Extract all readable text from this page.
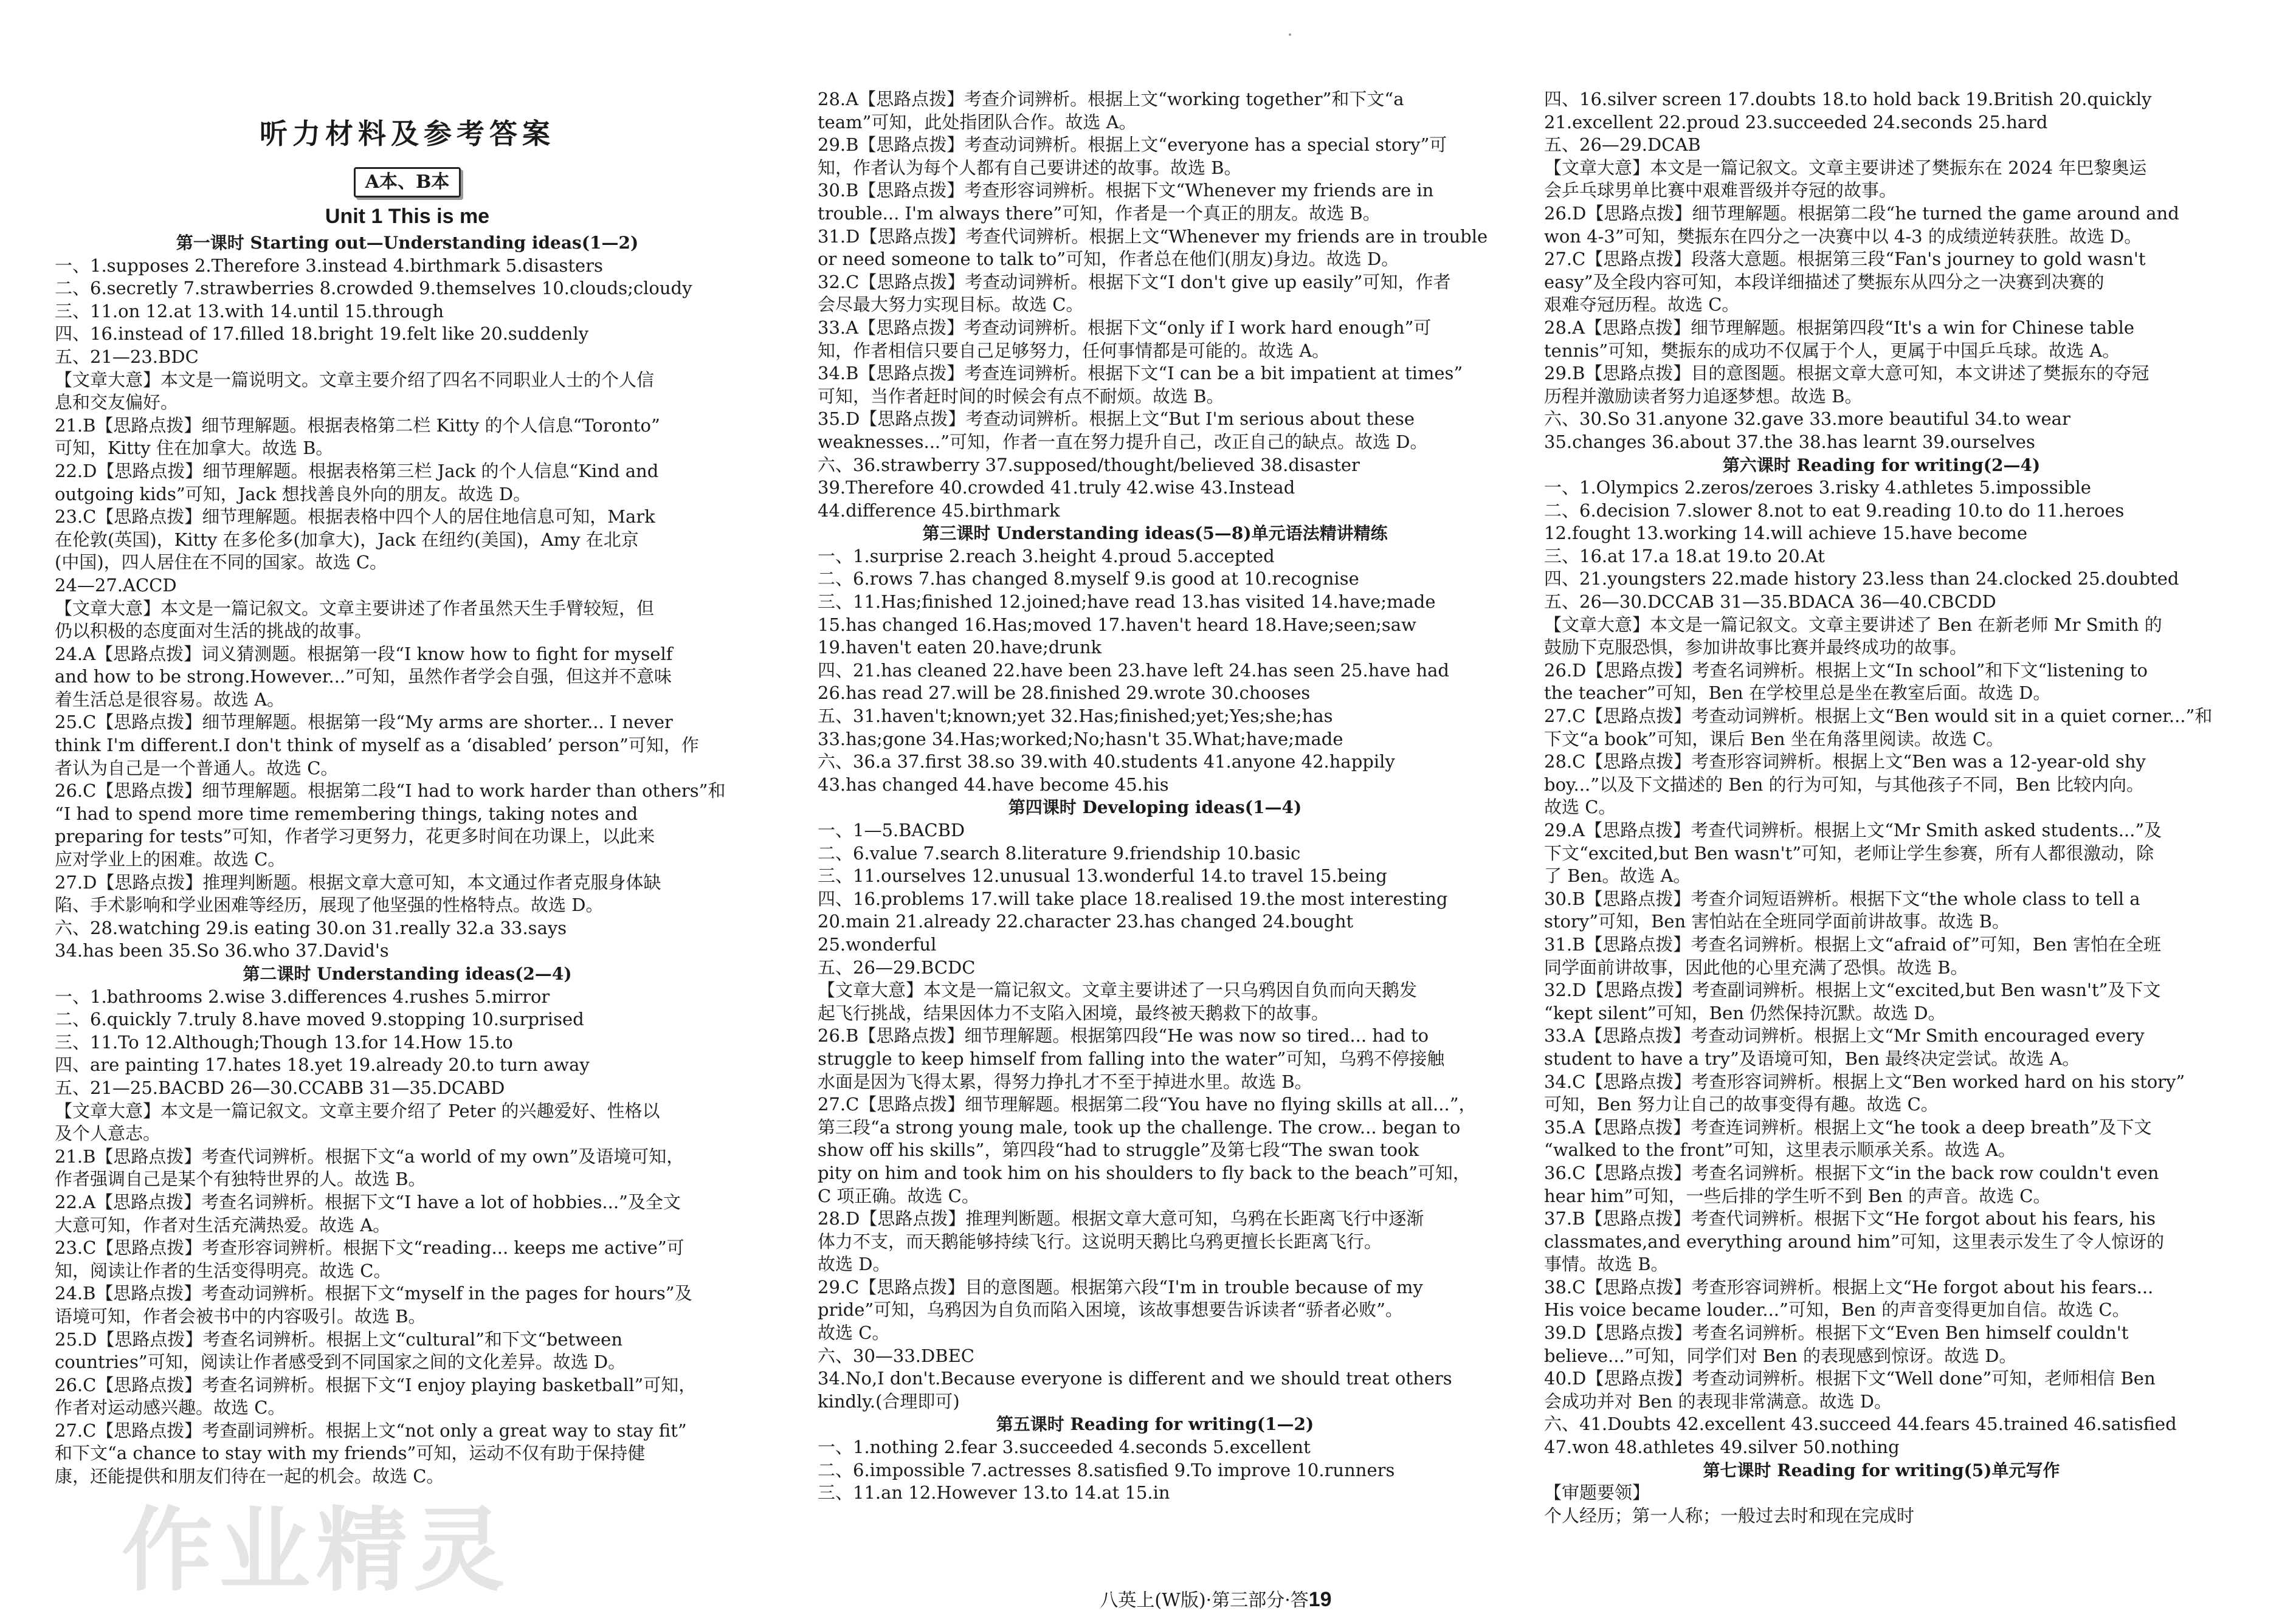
听力材料及参考答案
A本、B本
Unit 1 This is me
第一课时 Starting out—Understanding ideas(1—2)
一、1.supposes 2.Therefore 3.instead 4.birthmark 5.disasters
二、6.secretly 7.strawberries 8.crowded 9.themselves 10.clouds;cloudy
三、11.on 12.at 13.with 14.until 15.through
四、16.instead of 17.filled 18.bright 19.felt like 20.suddenly
五、21—23.BDC
【文章大意】本文是一篇说明文。文章主要介绍了四名不同职业人士的个人信
息和交友偏好。
21.B【思路点拨】细节理解题。根据表格第二栏 Kitty 的个人信息“Toronto”
可知，Kitty 住在加拿大。故选 B。
22.D【思路点拨】细节理解题。根据表格第三栏 Jack 的个人信息“Kind and
outgoing kids”可知，Jack 想找善良外向的朋友。故选 D。
23.C【思路点拨】细节理解题。根据表格中四个人的居住地信息可知，Mark
在伦敦(英国)，Kitty 在多伦多(加拿大)，Jack 在纽约(美国)，Amy 在北京
(中国)，四人居住在不同的国家。故选 C。
24—27.ACCD
【文章大意】本文是一篇记叙文。文章主要讲述了作者虽然天生手臂较短，但
仍以积极的态度面对生活的挑战的故事。
24.A【思路点拨】词义猜测题。根据第一段“I know how to fight for myself
and how to be strong.However...”可知，虽然作者学会自强，但这并不意味
着生活总是很容易。故选 A。
25.C【思路点拨】细节理解题。根据第一段“My arms are shorter... I never
think I'm different.I don't think of myself as a ‘disabled’ person”可知，作
者认为自己是一个普通人。故选 C。
26.C【思路点拨】细节理解题。根据第二段“I had to work harder than others”和
“I had to spend more time remembering things, taking notes and
preparing for tests”可知，作者学习更努力，花更多时间在功课上，以此来
应对学业上的困难。故选 C。
27.D【思路点拨】推理判断题。根据文章大意可知，本文通过作者克服身体缺
陷、手术影响和学业困难等经历，展现了他坚强的性格特点。故选 D。
六、28.watching 29.is eating 30.on 31.really 32.a 33.says
34.has been 35.So 36.who 37.David's
第二课时 Understanding ideas(2—4)
一、1.bathrooms 2.wise 3.differences 4.rushes 5.mirror
二、6.quickly 7.truly 8.have moved 9.stopping 10.surprised
三、11.To 12.Although;Though 13.for 14.How 15.to
四、are painting 17.hates 18.yet 19.already 20.to turn away
五、21—25.BACBD 26—30.CCABB 31—35.DCABD
【文章大意】本文是一篇记叙文。文章主要介绍了 Peter 的兴趣爱好、性格以
及个人意志。
21.B【思路点拨】考查代词辨析。根据下文“a world of my own”及语境可知，
作者强调自己是某个有独特世界的人。故选 B。
22.A【思路点拨】考查名词辨析。根据下文“I have a lot of hobbies...”及全文
大意可知，作者对生活充满热爱。故选 A。
23.C【思路点拨】考查形容词辨析。根据下文“reading... keeps me active”可
知，阅读让作者的生活变得明亮。故选 C。
24.B【思路点拨】考查动词辨析。根据下文“myself in the pages for hours”及
语境可知，作者会被书中的内容吸引。故选 B。
25.D【思路点拨】考查名词辨析。根据上文“cultural”和下文“between
countries”可知，阅读让作者感受到不同国家之间的文化差异。故选 D。
26.C【思路点拨】考查名词辨析。根据下文“I enjoy playing basketball”可知，
作者对运动感兴趣。故选 C。
27.C【思路点拨】考查副词辨析。根据上文“not only a great way to stay fit”
和下文“a chance to stay with my friends”可知，运动不仅有助于保持健
康，还能提供和朋友们待在一起的机会。故选 C。
28.A【思路点拨】考查介词辨析。根据上文“working together”和下文“a
team”可知，此处指团队合作。故选 A。
29.B【思路点拨】考查动词辨析。根据上文“everyone has a special story”可
知，作者认为每个人都有自己要讲述的故事。故选 B。
30.B【思路点拨】考查形容词辨析。根据下文“Whenever my friends are in
trouble... I'm always there”可知，作者是一个真正的朋友。故选 B。
31.D【思路点拨】考查代词辨析。根据上文“Whenever my friends are in trouble
or need someone to talk to”可知，作者总在他们(朋友)身边。故选 D。
32.C【思路点拨】考查动词辨析。根据下文“I don't give up easily”可知，作者
会尽最大努力实现目标。故选 C。
33.A【思路点拨】考查动词辨析。根据下文“only if I work hard enough”可
知，作者相信只要自己足够努力，任何事情都是可能的。故选 A。
34.B【思路点拨】考查连词辨析。根据下文“I can be a bit impatient at times”
可知，当作者赶时间的时候会有点不耐烦。故选 B。
35.D【思路点拨】考查动词辨析。根据上文“But I'm serious about these
weaknesses...”可知，作者一直在努力提升自己，改正自己的缺点。故选 D。
六、36.strawberry 37.supposed/thought/believed 38.disaster
39.Therefore 40.crowded 41.truly 42.wise 43.Instead
44.difference 45.birthmark
第三课时 Understanding ideas(5—8)单元语法精讲精练
一、1.surprise 2.reach 3.height 4.proud 5.accepted
二、6.rows 7.has changed 8.myself 9.is good at 10.recognise
三、11.Has;finished 12.joined;have read 13.has visited 14.have;made
15.has changed 16.Has;moved 17.haven't heard 18.Have;seen;saw
19.haven't eaten 20.have;drunk
四、21.has cleaned 22.have been 23.have left 24.has seen 25.have had
26.has read 27.will be 28.finished 29.wrote 30.chooses
五、31.haven't;known;yet 32.Has;finished;yet;Yes;she;has
33.has;gone 34.Has;worked;No;hasn't 35.What;have;made
六、36.a 37.first 38.so 39.with 40.students 41.anyone 42.happily
43.has changed 44.have become 45.his
第四课时 Developing ideas(1—4)
一、1—5.BACBD
二、6.value 7.search 8.literature 9.friendship 10.basic
三、11.ourselves 12.unusual 13.wonderful 14.to travel 15.being
四、16.problems 17.will take place 18.realised 19.the most interesting
20.main 21.already 22.character 23.has changed 24.bought
25.wonderful
五、26—29.BCDC
【文章大意】本文是一篇记叙文。文章主要讲述了一只乌鸦因自负而向天鹅发
起飞行挑战，结果因体力不支陷入困境，最终被天鹅救下的故事。
26.B【思路点拨】细节理解题。根据第四段“He was now so tired... had to
struggle to keep himself from falling into the water”可知，乌鸦不停接触
水面是因为飞得太累，得努力挣扎才不至于掉进水里。故选 B。
27.C【思路点拨】细节理解题。根据第二段“You have no flying skills at all...”，
第三段“a strong young male, took up the challenge. The crow... began to
show off his skills”，第四段“had to struggle”及第七段“The swan took
pity on him and took him on his shoulders to fly back to the beach”可知，
C 项正确。故选 C。
28.D【思路点拨】推理判断题。根据文章大意可知，乌鸦在长距离飞行中逐渐
体力不支，而天鹅能够持续飞行。这说明天鹅比乌鸦更擅长长距离飞行。
故选 D。
29.C【思路点拨】目的意图题。根据第六段“I'm in trouble because of my
pride”可知，乌鸦因为自负而陷入困境，该故事想要告诉读者“骄者必败”。
故选 C。
六、30—33.DBEC
34.No,I don't.Because everyone is different and we should treat others
kindly.(合理即可)
第五课时 Reading for writing(1—2)
一、1.nothing 2.fear 3.succeeded 4.seconds 5.excellent
二、6.impossible 7.actresses 8.satisfied 9.To improve 10.runners
三、11.an 12.However 13.to 14.at 15.in
四、16.silver screen 17.doubts 18.to hold back 19.British 20.quickly
21.excellent 22.proud 23.succeeded 24.seconds 25.hard
五、26—29.DCAB
【文章大意】本文是一篇记叙文。文章主要讲述了樊振东在 2024 年巴黎奥运
会乒乓球男单比赛中艰难晋级并夺冠的故事。
26.D【思路点拨】细节理解题。根据第二段“he turned the game around and
won 4-3”可知，樊振东在四分之一决赛中以 4-3 的成绩逆转获胜。故选 D。
27.C【思路点拨】段落大意题。根据第三段“Fan's journey to gold wasn't
easy”及全段内容可知，本段详细描述了樊振东从四分之一决赛到决赛的
艰难夺冠历程。故选 C。
28.A【思路点拨】细节理解题。根据第四段“It's a win for Chinese table
tennis”可知，樊振东的成功不仅属于个人，更属于中国乒乓球。故选 A。
29.B【思路点拨】目的意图题。根据文章大意可知，本文讲述了樊振东的夺冠
历程并激励读者努力追逐梦想。故选 B。
六、30.So 31.anyone 32.gave 33.more beautiful 34.to wear
35.changes 36.about 37.the 38.has learnt 39.ourselves
第六课时 Reading for writing(2—4)
一、1.Olympics 2.zeros/zeroes 3.risky 4.athletes 5.impossible
二、6.decision 7.slower 8.not to eat 9.reading 10.to do 11.heroes
12.fought 13.working 14.will achieve 15.have become
三、16.at 17.a 18.at 19.to 20.At
四、21.youngsters 22.made history 23.less than 24.clocked 25.doubted
五、26—30.DCCAB 31—35.BDACA 36—40.CBCDD
【文章大意】本文是一篇记叙文。文章主要讲述了 Ben 在新老师 Mr Smith 的
鼓励下克服恐惧，参加讲故事比赛并最终成功的故事。
26.D【思路点拨】考查名词辨析。根据上文“In school”和下文“listening to
the teacher”可知，Ben 在学校里总是坐在教室后面。故选 D。
27.C【思路点拨】考查动词辨析。根据上文“Ben would sit in a quiet corner...”和
下文“a book”可知，课后 Ben 坐在角落里阅读。故选 C。
28.C【思路点拨】考查形容词辨析。根据上文“Ben was a 12-year-old shy
boy...”以及下文描述的 Ben 的行为可知，与其他孩子不同，Ben 比较内向。
故选 C。
29.A【思路点拨】考查代词辨析。根据上文“Mr Smith asked students...”及
下文“excited,but Ben wasn't”可知，老师让学生参赛，所有人都很激动，除
了 Ben。故选 A。
30.B【思路点拨】考查介词短语辨析。根据下文“the whole class to tell a
story”可知，Ben 害怕站在全班同学面前讲故事。故选 B。
31.B【思路点拨】考查名词辨析。根据上文“afraid of”可知，Ben 害怕在全班
同学面前讲故事，因此他的心里充满了恐惧。故选 B。
32.D【思路点拨】考查副词辨析。根据上文“excited,but Ben wasn't”及下文
“kept silent”可知，Ben 仍然保持沉默。故选 D。
33.A【思路点拨】考查动词辨析。根据上文“Mr Smith encouraged every
student to have a try”及语境可知，Ben 最终决定尝试。故选 A。
34.C【思路点拨】考查形容词辨析。根据上文“Ben worked hard on his story”
可知，Ben 努力让自己的故事变得有趣。故选 C。
35.A【思路点拨】考查连词辨析。根据上文“he took a deep breath”及下文
“walked to the front”可知，这里表示顺承关系。故选 A。
36.C【思路点拨】考查名词辨析。根据下文“in the back row couldn't even
hear him”可知，一些后排的学生听不到 Ben 的声音。故选 C。
37.B【思路点拨】考查代词辨析。根据下文“He forgot about his fears, his
classmates,and everything around him”可知，这里表示发生了令人惊讶的
事情。故选 B。
38.C【思路点拨】考查形容词辨析。根据上文“He forgot about his fears...
His voice became louder...”可知，Ben 的声音变得更加自信。故选 C。
39.D【思路点拨】考查名词辨析。根据下文“Even Ben himself couldn't
believe...”可知，同学们对 Ben 的表现感到惊讶。故选 D。
40.D【思路点拨】考查动词辨析。根据下文“Well done”可知，老师相信 Ben
会成功并对 Ben 的表现非常满意。故选 D。
六、41.Doubts 42.excellent 43.succeed 44.fears 45.trained 46.satisfied
47.won 48.athletes 49.silver 50.nothing
第七课时 Reading for writing(5)单元写作
【审题要领】
个人经历；第一人称；一般过去时和现在完成时
作业精灵	八英上(W版)·第三部分·答19
